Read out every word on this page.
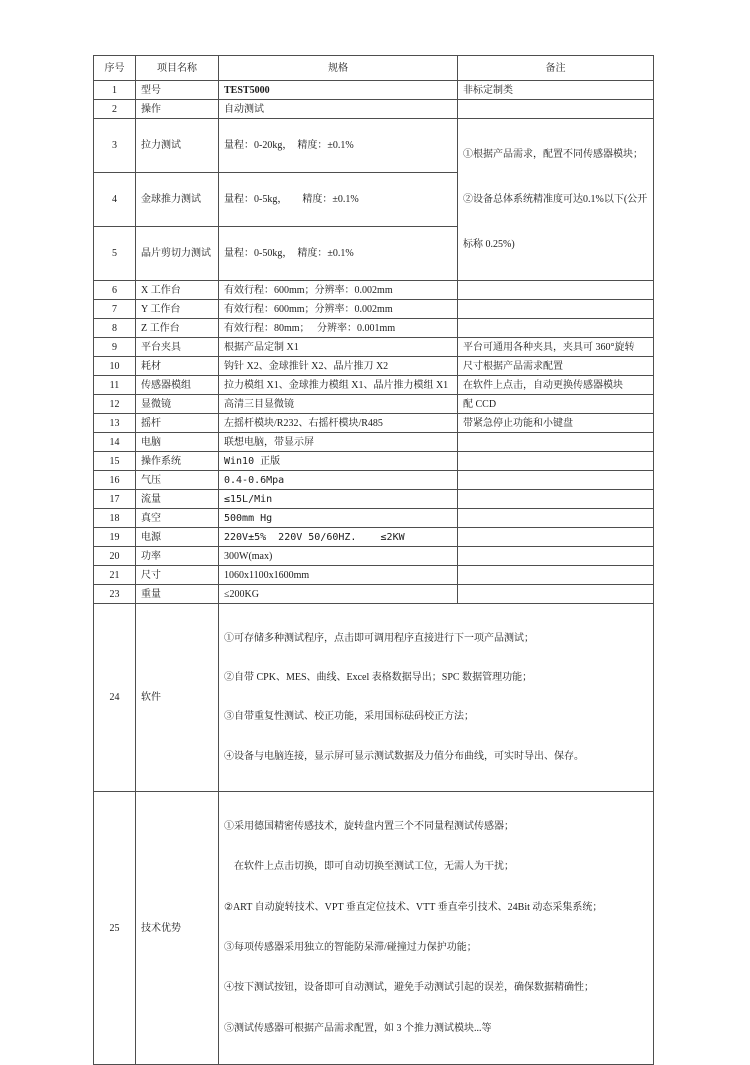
序号	项目名称	规格	备注
1	型号	TEST5000	非标定制类
2	操作	自动测试	
3	拉力测试	量程：0-20kg，　精度：±0.1%	①根据产品需求，配置不同传感器模块；

②设备总体系统精准度可达0.1%以下(公开

标称 0.25%)

4	金球推力测试	量程：0-5kg，　　精度：±0.1%	
5	晶片剪切力测试	量程：0-50kg，　精度：±0.1%	
6	X 工作台	有效行程：600mm；分辨率：0.002mm	
7	Y 工作台	有效行程：600mm；分辨率：0.002mm	
8	Z 工作台	有效行程：80mm；　 分辨率：0.001mm	
9	平台夹具	根据产品定制 X1	平台可通用各种夹具，夹具可 360°旋转
10	耗材	钩针 X2、金球推针 X2、晶片推刀 X2	尺寸根据产品需求配置
11	传感器模组	拉力模组 X1、金球推力模组 X1、晶片推力模组 X1	在软件上点击，自动更换传感器模块
12	显微镜	高清三目显微镜	配 CCD
13	摇杆	左摇杆模块/R232、右摇杆模块/R485	带紧急停止功能和小键盘
14	电脑	联想电脑，带显示屏	
15	操作系统	Win10 正版	
16	气压	0.4-0.6Mpa	
17	流量	≤15L/Min	
18	真空	500mm Hg	
19	电源	220V±5%  220V 50/60HZ.    ≤2KW	
20	功率	300W(max)	
21	尺寸	1060x1100x1600mm	
23	重量	≤200KG	
24	软件	①可存储多种测试程序，点击即可调用程序直接进行下一项产品测试；

②自带 CPK、MES、曲线、Excel 表格数据导出；SPC 数据管理功能；

③自带重复性测试、校正功能，采用国标砝码校正方法；

④设备与电脑连接，显示屏可显示测试数据及力值分布曲线，可实时导出、保存。	

25	技术优势	

①采用德国精密传感技术，旋转盘内置三个不同量程测试传感器；

　在软件上点击切换，即可自动切换至测试工位，无需人为干扰；

②ART 自动旋转技术、VPT 垂直定位技术、VTT 垂直牵引技术、24Bit 动态采集系统；

③每项传感器采用独立的智能防呆滞/碰撞过力保护功能；

④按下测试按钮，设备即可自动测试，避免手动测试引起的误差，确保数据精确性；

⑤测试传感器可根据产品需求配置，如 3 个推力测试模块...等
